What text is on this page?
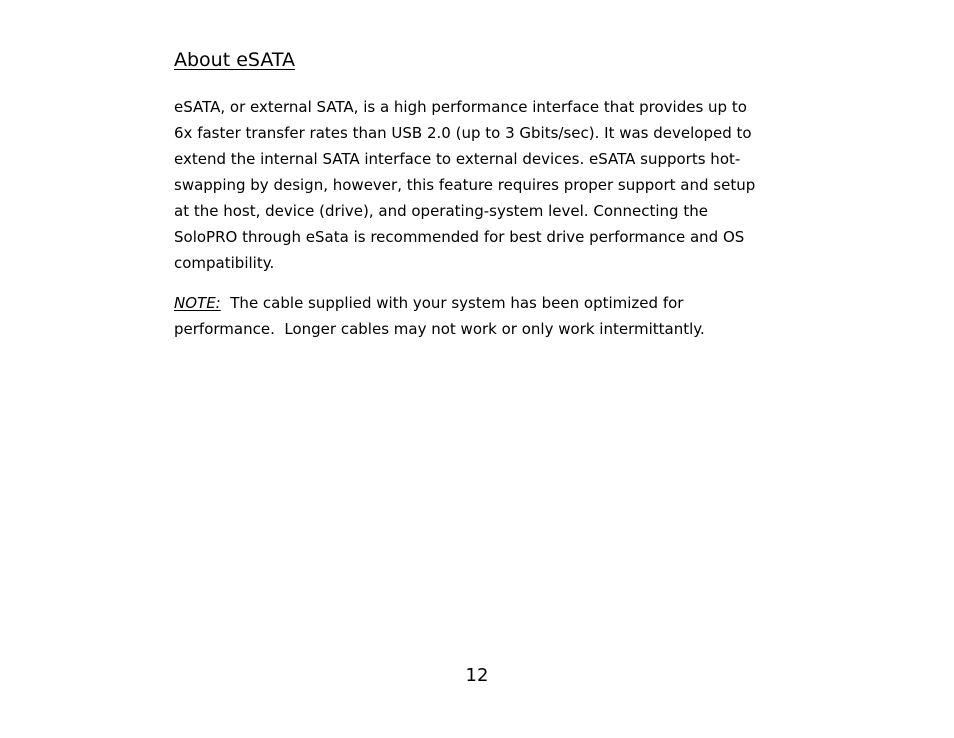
About eSATA

eSATA, or external SATA, is a high performance interface that provides up to
6x faster transfer rates than USB 2.0 (up to 3 Gbits/sec). It was developed to
extend the internal SATA interface to external devices. eSATA supports hot-
swapping by design, however, this feature requires proper support and setup
at the host, device (drive), and operating-system level. Connecting the
SoloPRO through eSata is recommended for best drive performance and OS
compatibility.

NOTE:  The cable supplied with your system has been optimized for
performance.  Longer cables may not work or only work intermittantly.

12
